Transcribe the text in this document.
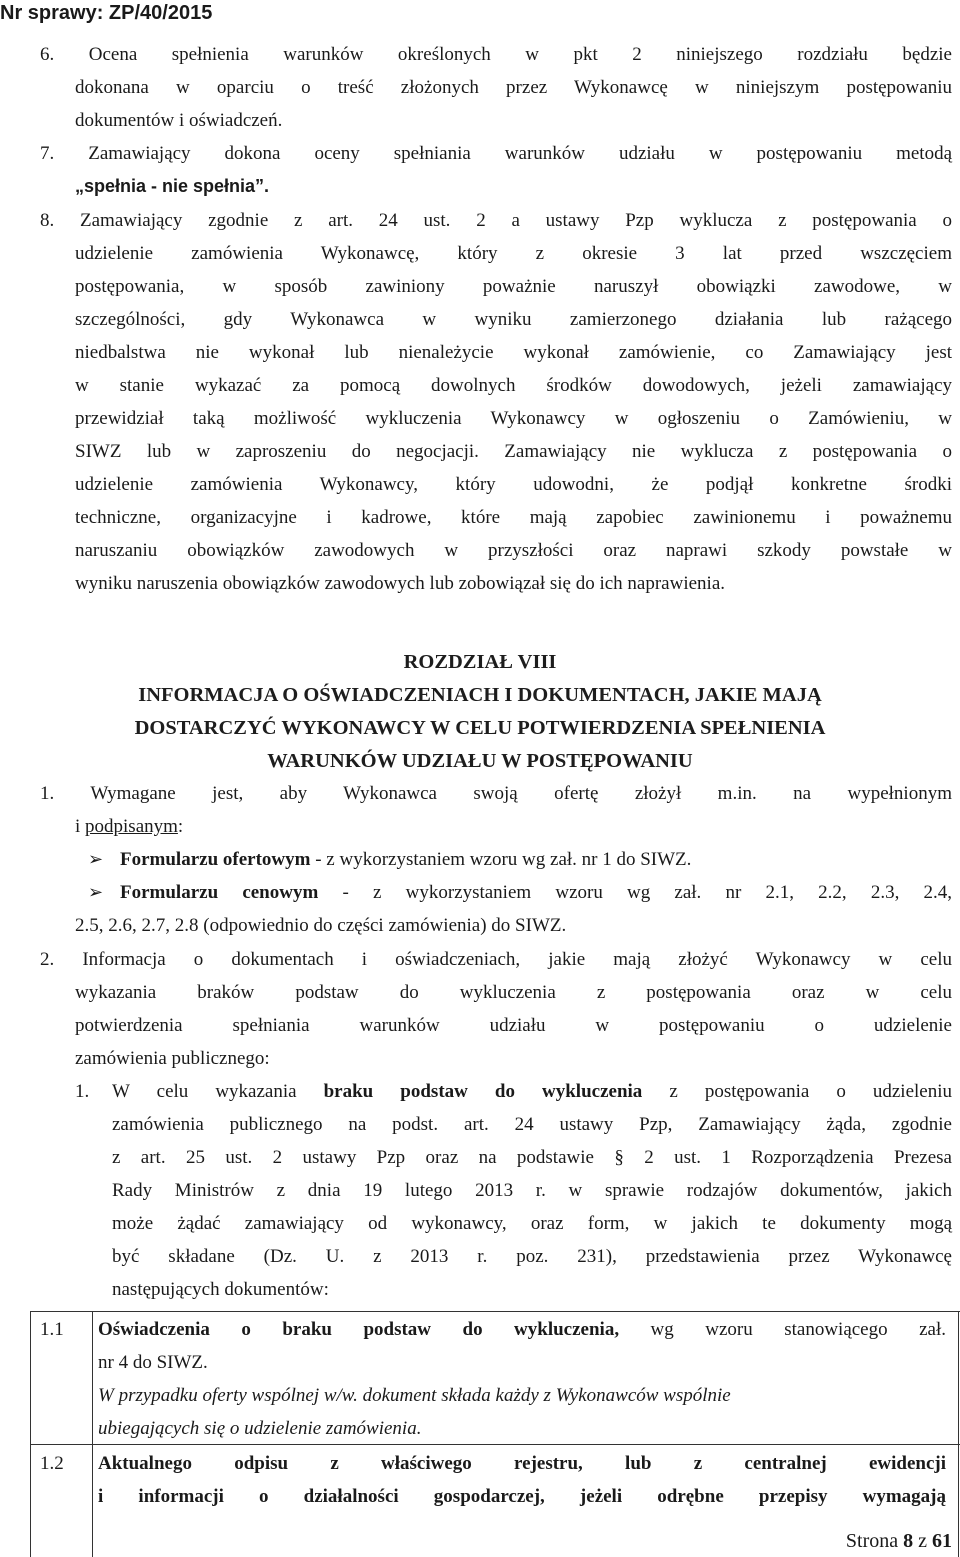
Nr sprawy: ZP/40/2015
6. Ocena spełnienia warunków określonych w pkt 2 niniejszego rozdziału będzie
dokonana w oparciu o treść złożonych przez Wykonawcę w niniejszym postępowaniu
dokumentów i oświadczeń.
7. Zamawiający dokona oceny spełniania warunków udziału w postępowaniu metodą
„spełnia - nie spełnia”.
8. Zamawiający zgodnie z art. 24 ust. 2 a ustawy Pzp wyklucza z postępowania o
udzielenie zamówienia Wykonawcę, który z okresie 3 lat przed wszczęciem
postępowania, w sposób zawiniony poważnie naruszył obowiązki zawodowe, w
szczególności, gdy Wykonawca w wyniku zamierzonego działania lub rażącego
niedbalstwa nie wykonał lub nienależycie wykonał zamówienie, co Zamawiający jest
w stanie wykazać za pomocą dowolnych środków dowodowych, jeżeli zamawiający
przewidział taką możliwość wykluczenia Wykonawcy w ogłoszeniu o Zamówieniu, w
SIWZ lub w zaproszeniu do negocjacji. Zamawiający nie wyklucza z postępowania o
udzielenie zamówienia Wykonawcy, który udowodni, że podjął konkretne środki
techniczne, organizacyjne i kadrowe, które mają zapobiec zawinionemu i poważnemu
naruszaniu obowiązków zawodowych w przyszłości oraz naprawi szkody powstałe w
wyniku naruszenia obowiązków zawodowych lub zobowiązał się do ich naprawienia.
ROZDZIAŁ VIII
INFORMACJA O OŚWIADCZENIACH I DOKUMENTACH, JAKIE MAJĄ
DOSTARCZYĆ WYKONAWCY W CELU POTWIERDZENIA SPEŁNIENIA
WARUNKÓW UDZIAŁU W POSTĘPOWANIU
1. Wymagane jest, aby Wykonawca swoją ofertę złożył m.in. na wypełnionym
i podpisanym:
➢ Formularzu ofertowym - z wykorzystaniem wzoru wg zał. nr 1 do SIWZ.
➢ Formularzu cenowym - z wykorzystaniem wzoru wg zał. nr 2.1, 2.2, 2.3, 2.4,
2.5, 2.6, 2.7, 2.8 (odpowiednio do części zamówienia) do SIWZ.
2. Informacja o dokumentach i oświadczeniach, jakie mają złożyć Wykonawcy w celu
wykazania braków podstaw do wykluczenia z postępowania oraz w celu
potwierdzenia spełniania warunków udziału w postępowaniu o udzielenie
zamówienia publicznego:
1. W celu wykazania braku podstaw do wykluczenia z postępowania o udzieleniu
zamówienia publicznego na podst. art. 24 ustawy Pzp, Zamawiający żąda, zgodnie
z art. 25 ust. 2 ustawy Pzp oraz na podstawie § 2 ust. 1 Rozporządzenia Prezesa
Rady Ministrów z dnia 19 lutego 2013 r. w sprawie rodzajów dokumentów, jakich
może żądać zamawiający od wykonawcy, oraz form, w jakich te dokumenty mogą
być składane (Dz. U. z 2013 r. poz. 231), przedstawienia przez Wykonawcę
następujących dokumentów:
1.1 Oświadczenia o braku podstaw do wykluczenia, wg wzoru stanowiącego zał.
nr 4 do SIWZ.
W przypadku oferty wspólnej w/w. dokument składa każdy z Wykonawców wspólnie
ubiegających się o udzielenie zamówienia.
1.2 Aktualnego odpisu z właściwego rejestru, lub z centralnej ewidencji
i informacji o działalności gospodarczej, jeżeli odrębne przepisy wymagają
Strona 8 z 61
